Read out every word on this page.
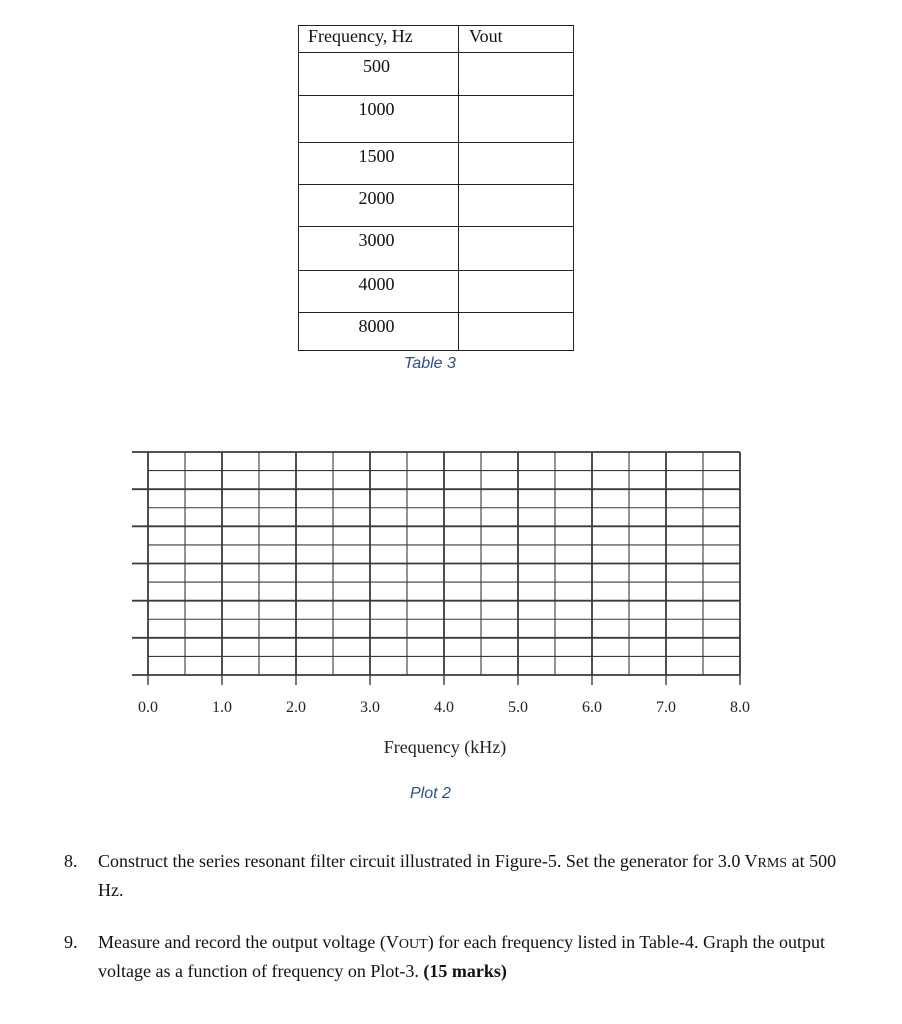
Frequency, Hz	Vout
500	
1000	
1500	
2000	
3000	
4000	
8000	
Table 3
0.0	1.0	2.0	3.0	4.0	5.0	6.0	7.0	8.0
Frequency (kHz)
Plot 2
8.	Construct the series resonant filter circuit illustrated in Figure-5. Set the generator for 3.0 VRMS at 500 Hz.
9.	Measure and record the output voltage (VOUT) for each frequency listed in Table-4. Graph the output voltage as a function of frequency on Plot-3. (15 marks)
